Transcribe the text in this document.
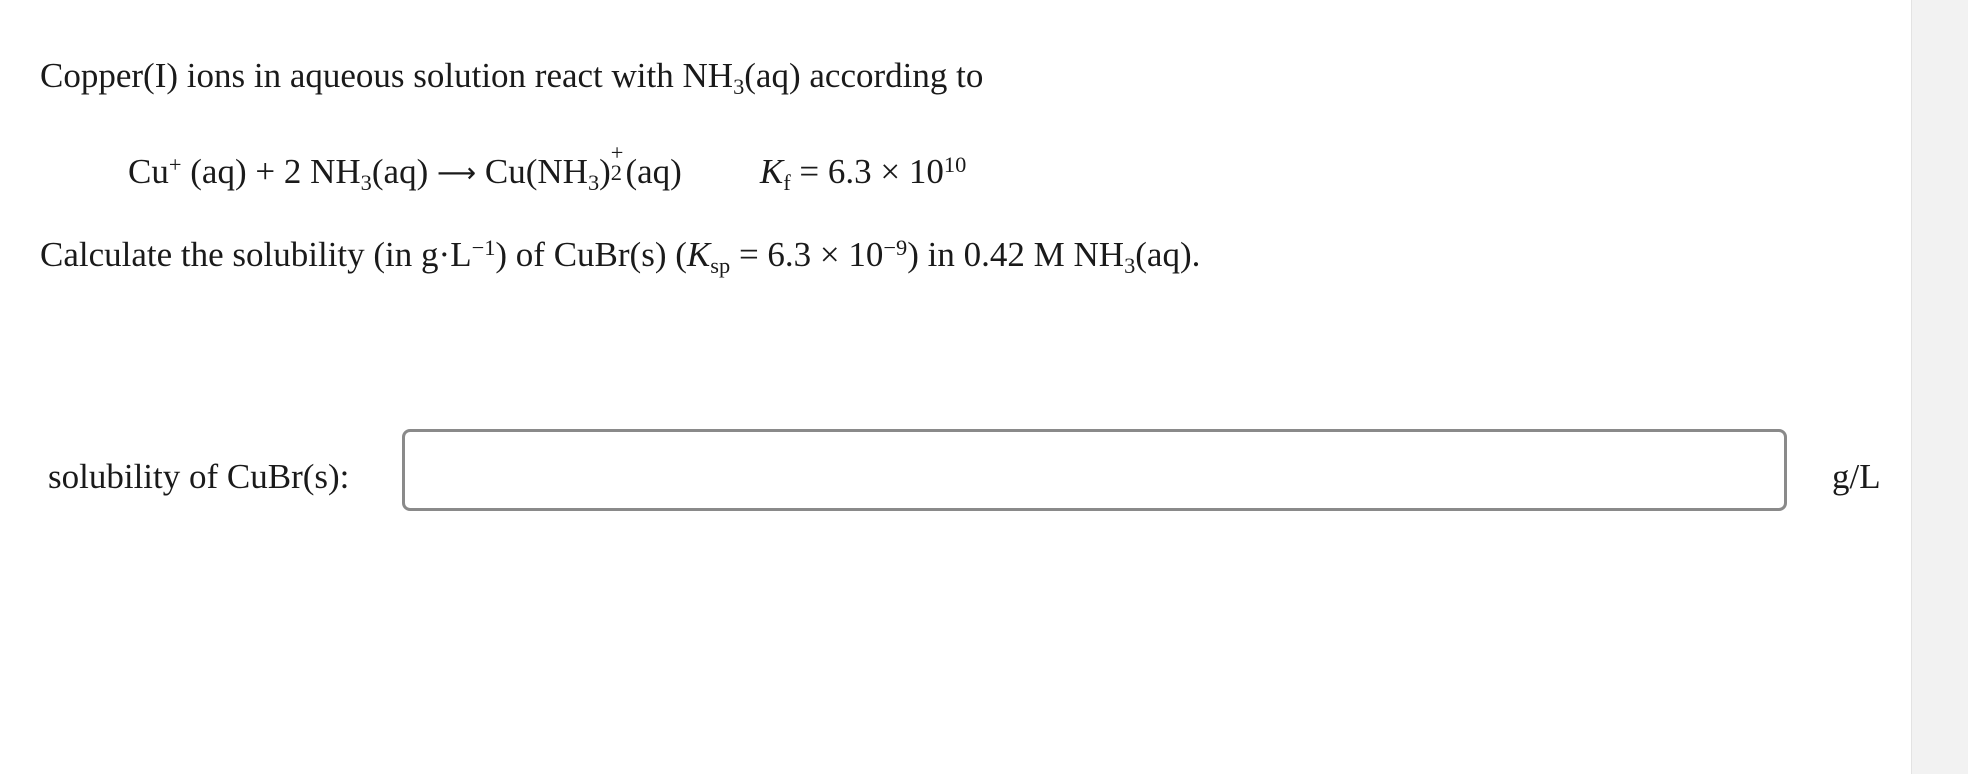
Copper(I) ions in aqueous solution react with $NH_3(aq)$ according to
Cu+ (aq) + 2 $NH_3(aq)$ ⟶ $Cu(NH_3)$ +
2 (aq) $K_f = 6.3 \times 10^{10}$
Calculate the solubility (in $g\cdot L^{-1}$) of CuBr(s) $(K_{sp} = 6.3 \times 10^{-9})$ in 0.42 M $NH_3(aq)$.
solubility of CuBr(s):	g/L
